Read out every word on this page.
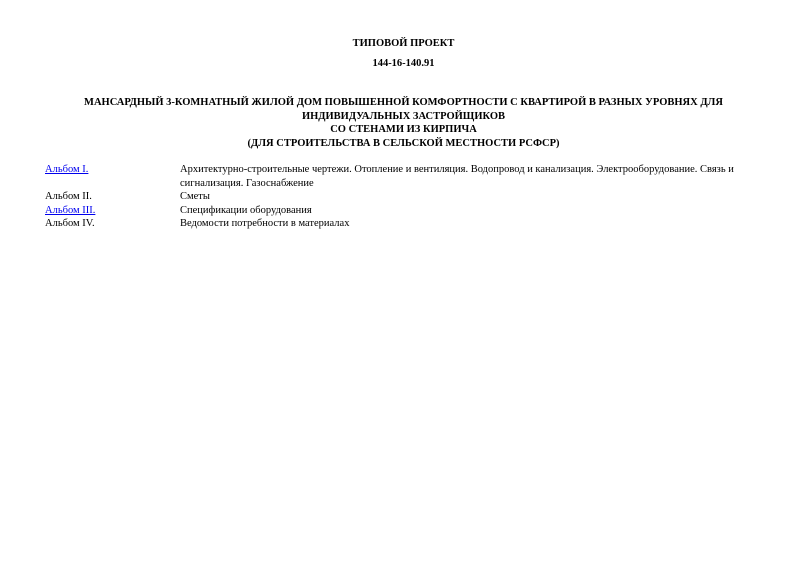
ТИПОВОЙ ПРОЕКТ
144-16-140.91
МАНСАРДНЫЙ 3-КОМНАТНЫЙ ЖИЛОЙ ДОМ ПОВЫШЕННОЙ КОМФОРТНОСТИ С КВАРТИРОЙ В РАЗНЫХ УРОВНЯХ ДЛЯ
ИНДИВИДУАЛЬНЫХ ЗАСТРОЙЩИКОВ
СО СТЕНАМИ ИЗ КИРПИЧА
(ДЛЯ СТРОИТЕЛЬСТВА В СЕЛЬСКОЙ МЕСТНОСТИ РСФСР)
Альбом I.	Архитектурно-строительные чертежи. Отопление и вентиляция. Водопровод и канализация. Электрооборудование. Связь и сигнализация. Газоснабжение
Альбом II.	Сметы
Альбом III.	Спецификации оборудования
Альбом IV.	Ведомости потребности в материалах
